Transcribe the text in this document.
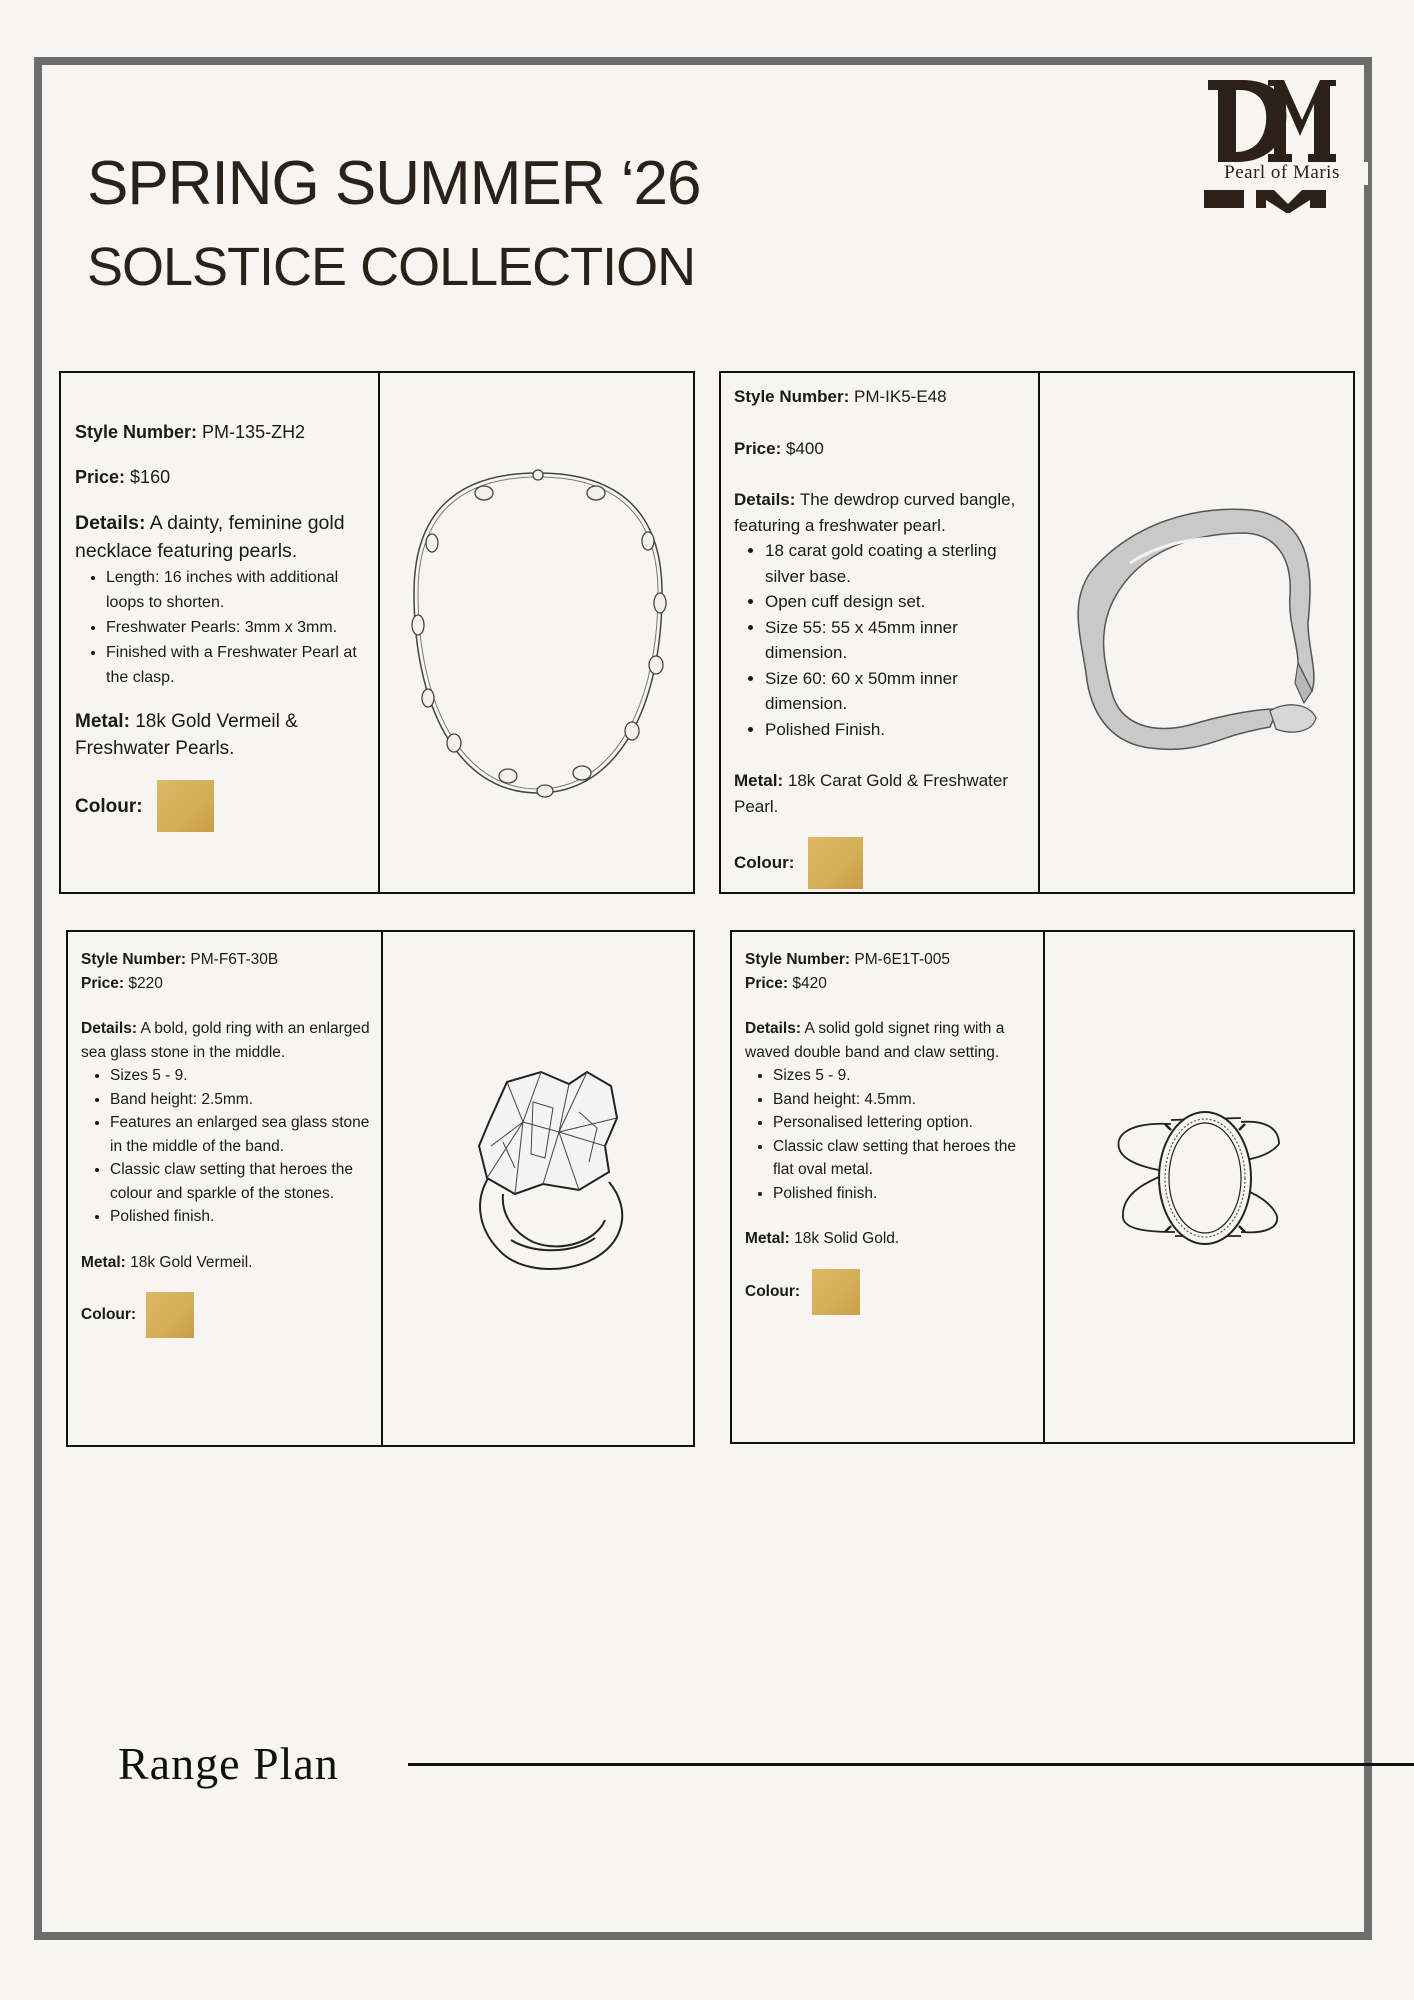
SPRING SUMMER ‘26
SOLSTICE COLLECTION
Pearl of Maris

Style Number: PM-135-ZH2

Price: $160

Details: A dainty, feminine gold necklace featuring pearls.

• Length: 16 inches with additional loops to shorten.
• Freshwater Pearls: 3mm x 3mm.
• Finished with a Freshwater Pearl at the clasp.

Metal: 18k Gold Vermeil & Freshwater Pearls.

Colour:

Style Number: PM-IK5-E48

Price: $400

Details: The dewdrop curved bangle, featuring a freshwater pearl.

• 18 carat gold coating a sterling silver base.
• Open cuff design set.
• Size 55: 55 x 45mm inner dimension.
• Size 60: 60 x 50mm inner dimension.
• Polished Finish.

Metal: 18k Carat Gold & Freshwater Pearl.

Colour:

Style Number: PM-F6T-30B

Price: $220

Details: A bold, gold ring with an enlarged sea glass stone in the middle.

• Sizes 5 - 9.
• Band height: 2.5mm.
• Features an enlarged sea glass stone in the middle of the band.
• Classic claw setting that heroes the colour and sparkle of the stones.
• Polished finish.

Metal: 18k Gold Vermeil.

Colour:

Style Number: PM-6E1T-005

Price: $420

Details: A solid gold signet ring with a waved double band and claw setting.

• Sizes 5 - 9.
• Band height: 4.5mm.
• Personalised lettering option.
• Classic claw setting that heroes the flat oval metal.
• Polished finish.

Metal: 18k Solid Gold.

Colour:
Range Plan
